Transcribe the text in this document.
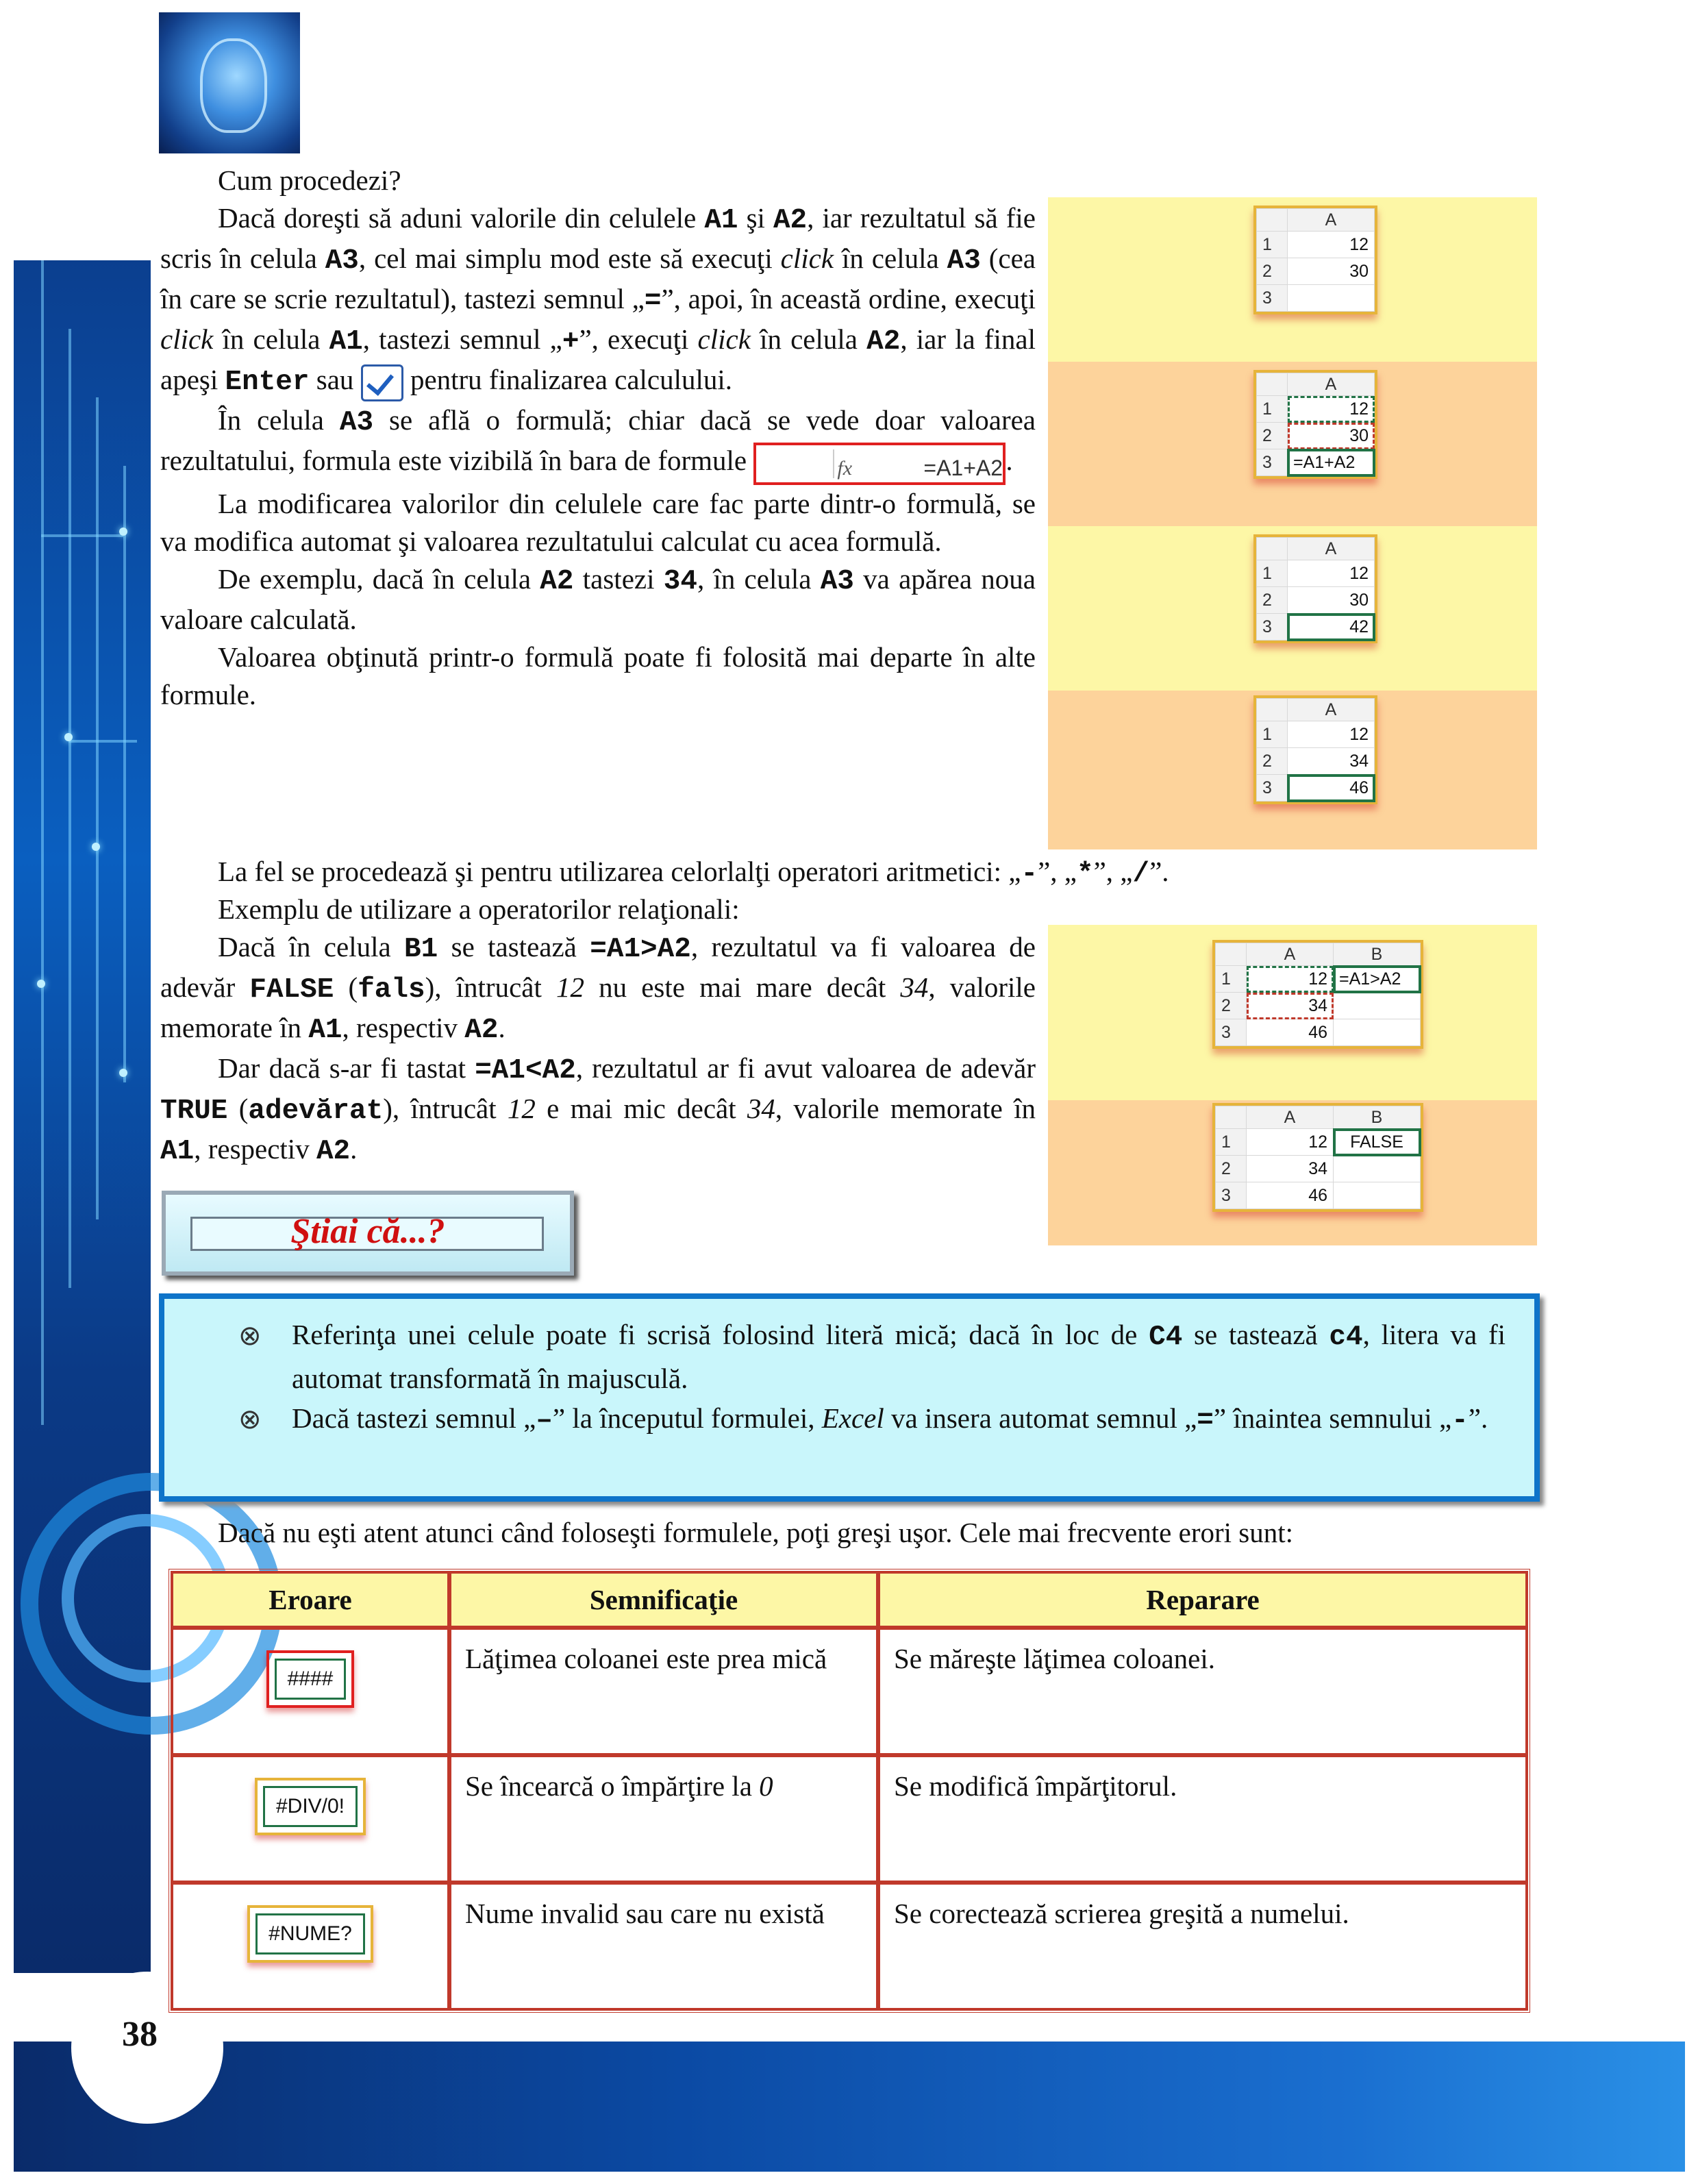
38
	A
1	12
2	30
3	
	A
1	12
2	30
3	=A1+A2
	A
1	12
2	30
3	42
	A
1	12
2	34
3	46
	A	B
1	12	=A1>A2
2	34	
3	46	
	A	B
1	12	FALSE
2	34	
3	46	

Cum procedezi?

Dacă doreşti să aduni valorile din celulele A1 şi A2, iar rezultatul să fie scris în celula A3, cel mai simplu mod este să execuţi click în celula A3 (cea în care se scrie rezultatul), tastezi semnul „=”, apoi, în această ordine, execuţi click în celula A1, tastezi semnul „+”, execuţi click în celula A2, iar la final apeşi Enter sau  pentru finalizarea calculului.

În celula A3 se află o formulă; chiar dacă se vede doar valoarea rezultatului, formula este vizibilă în bara de formule	fx	=A1+A2 .

La modificarea valorilor din celulele care fac parte dintr-o formulă, se va modifica automat şi valoarea rezultatului calculat cu acea formulă.

De exemplu, dacă în celula A2 tastezi 34, în celula A3 va apărea noua valoare calculată.

Valoarea obţinută printr-o formulă poate fi folosită mai departe în alte formule.

La fel se procedează şi pentru utilizarea celorlalţi operatori aritmetici: „-”, „*”, „/”.

Exemplu de utilizare a operatorilor relaţionali:

Dacă în celula B1 se tastează =A1>A2, rezultatul va fi valoarea de adevăr FALSE (fals), întrucât 12 nu este mai mare decât 34, valorile memorate în A1, respectiv A2.

Dar dacă s-ar fi tastat =A1<A2, rezultatul ar fi avut valoarea de adevăr TRUE (adevărat), întrucât 12 e mai mic decât 34, valorile memorate în A1, respectiv A2.

Ştiai că...?
⊗ Referinţa unei celule poate fi scrisă folosind literă mică; dacă în loc de C4 se tastează c4, litera va fi automat transformată în majusculă.
⊗ Dacă tastezi semnul „–” la începutul formulei, Excel va insera automat semnul „=” înaintea semnului „-”.
Dacă nu eşti atent atunci când foloseşti formulele, poţi greşi uşor. Cele mai frecvente erori sunt:
Eroare	Semnificaţie	Reparare
####	Lăţimea coloanei este prea mică	Se măreşte lăţimea coloanei.
#DIV/0!	Se încearcă o împărţire la 0	Se modifică împărţitorul.
#NUME?	Nume invalid sau care nu există	Se corectează scrierea greşită a numelui.
